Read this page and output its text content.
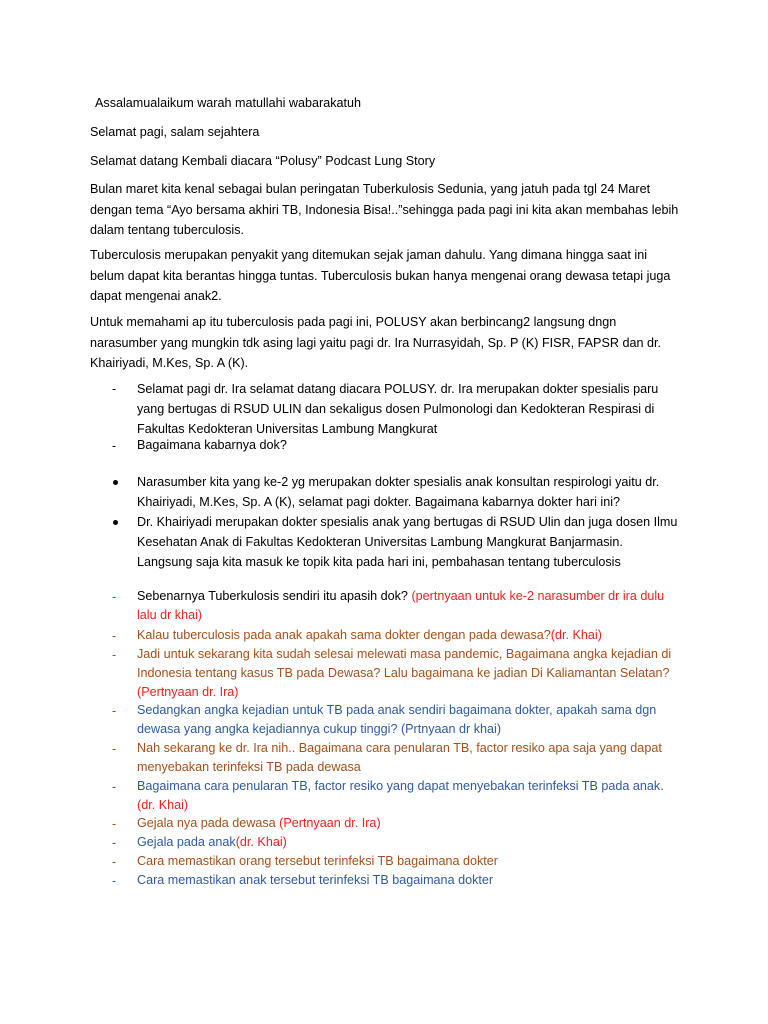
Assalamualaikum warah matullahi wabarakatuh

Selamat pagi, salam sejahtera

Selamat datang Kembali diacara “Polusy” Podcast Lung Story

Bulan maret kita kenal sebagai bulan peringatan Tuberkulosis Sedunia, yang jatuh pada tgl 24 Maret
dengan tema “Ayo bersama akhiri TB, Indonesia Bisa!..”sehingga pada pagi ini kita akan membahas lebih
dalam tentang tuberculosis.

Tuberculosis merupakan penyakit yang ditemukan sejak jaman dahulu. Yang dimana hingga saat ini
belum dapat kita berantas hingga tuntas. Tuberculosis bukan hanya mengenai orang dewasa tetapi juga
dapat mengenai anak2.

Untuk memahami ap itu tuberculosis pada pagi ini, POLUSY akan berbincang2 langsung dngn
narasumber yang mungkin tdk asing lagi yaitu pagi dr. Ira Nurrasyidah, Sp. P (K) FISR, FAPSR dan dr.
Khairiyadi, M.Kes, Sp. A (K).

- Selamat pagi dr. Ira selamat datang diacara POLUSY. dr. Ira merupakan dokter spesialis paru
yang bertugas di RSUD ULIN dan sekaligus dosen Pulmonologi dan Kedokteran Respirasi di
Fakultas Kedokteran Universitas Lambung Mangkurat
- Bagaimana kabarnya dok?
Narasumber kita yang ke-2 yg merupakan dokter spesialis anak konsultan respirologi yaitu dr.
Khairiyadi, M.Kes, Sp. A (K), selamat pagi dokter. Bagaimana kabarnya dokter hari ini?
Dr. Khairiyadi merupakan dokter spesialis anak yang bertugas di RSUD Ulin dan juga dosen Ilmu
Kesehatan Anak di Fakultas Kedokteran Universitas Lambung Mangkurat Banjarmasin.
Langsung saja kita masuk ke topik kita pada hari ini, pembahasan tentang tuberculosis
- Sebenarnya Tuberkulosis sendiri itu apasih dok? (pertnyaan untuk ke-2 narasumber dr ira dulu
lalu dr khai)
- Kalau tuberculosis pada anak apakah sama dokter dengan pada dewasa?(dr. Khai)
- Jadi untuk sekarang kita sudah selesai melewati masa pandemic, Bagaimana angka kejadian di
Indonesia tentang kasus TB pada Dewasa? Lalu bagaimana ke jadian Di Kaliamantan Selatan?
(Pertnyaan dr. Ira)
- Sedangkan angka kejadian untuk TB pada anak sendiri bagaimana dokter, apakah sama dgn
dewasa yang angka kejadiannya cukup tinggi? (Prtnyaan dr khai)
- Nah sekarang ke dr. Ira nih.. Bagaimana cara penularan TB, factor resiko apa saja yang dapat
menyebakan terinfeksi TB pada dewasa
- Bagaimana cara penularan TB, factor resiko yang dapat menyebakan terinfeksi TB pada anak.
(dr. Khai)
- Gejala nya pada dewasa (Pertnyaan dr. Ira)
- Gejala pada anak(dr. Khai)
- Cara memastikan orang tersebut terinfeksi TB bagaimana dokter
- Cara memastikan anak tersebut terinfeksi TB bagaimana dokter
